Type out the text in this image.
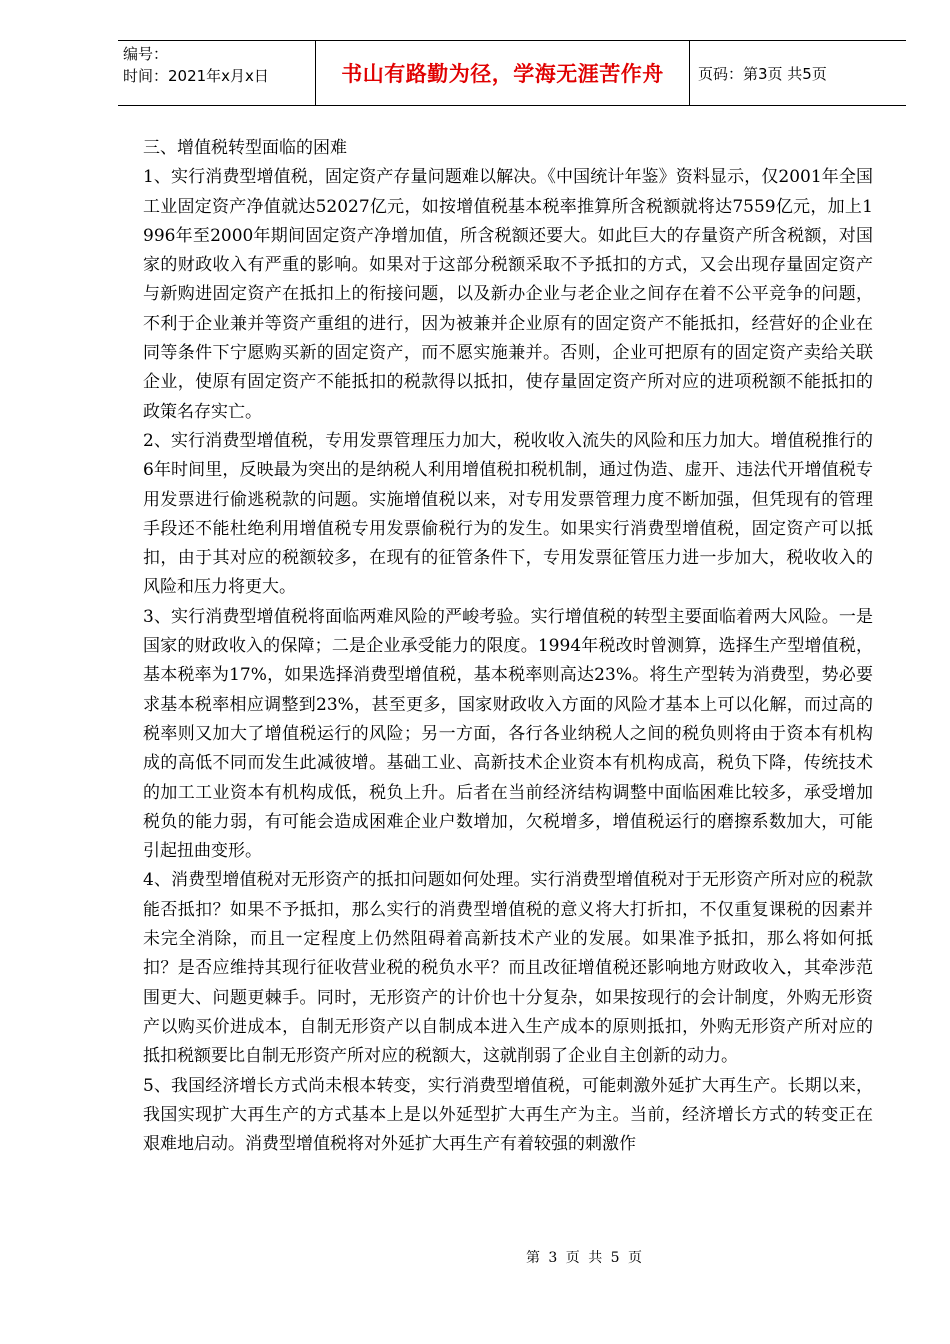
编号：
时间：2021年x月x日	书山有路勤为径，学海无涯苦作舟	页码：第3页 共5页

三、增值税转型面临的困难

1、实行消费型增值税，固定资产存量问题难以解决。《中国统计年鉴》资料显示，仅2001年全国工业固定资产净值就达52027亿元，如按增值税基本税率推算所含税额就将达7559亿元，加上1996年至2000年期间固定资产净增加值，所含税额还要大。如此巨大的存量资产所含税额，对国家的财政收入有严重的影响。如果对于这部分税额采取不予抵扣的方式，又会出现存量固定资产与新购进固定资产在抵扣上的衔接问题，以及新办企业与老企业之间存在着不公平竞争的问题，不利于企业兼并等资产重组的进行，因为被兼并企业原有的固定资产不能抵扣，经营好的企业在同等条件下宁愿购买新的固定资产，而不愿实施兼并。否则，企业可把原有的固定资产卖给关联企业，使原有固定资产不能抵扣的税款得以抵扣，使存量固定资产所对应的进项税额不能抵扣的政策名存实亡。

2、实行消费型增值税，专用发票管理压力加大，税收收入流失的风险和压力加大。增值税推行的6年时间里，反映最为突出的是纳税人利用增值税扣税机制，通过伪造、虚开、违法代开增值税专用发票进行偷逃税款的问题。实施增值税以来，对专用发票管理力度不断加强，但凭现有的管理手段还不能杜绝利用增值税专用发票偷税行为的发生。如果实行消费型增值税，固定资产可以抵扣，由于其对应的税额较多，在现有的征管条件下，专用发票征管压力进一步加大，税收收入的风险和压力将更大。

3、实行消费型增值税将面临两难风险的严峻考验。实行增值税的转型主要面临着两大风险。一是国家的财政收入的保障；二是企业承受能力的限度。1994年税改时曾测算，选择生产型增值税，基本税率为17%，如果选择消费型增值税，基本税率则高达23%。将生产型转为消费型，势必要求基本税率相应调整到23%，甚至更多，国家财政收入方面的风险才基本上可以化解，而过高的税率则又加大了增值税运行的风险；另一方面，各行各业纳税人之间的税负则将由于资本有机构成的高低不同而发生此减彼增。基础工业、高新技术企业资本有机构成高，税负下降，传统技术的加工工业资本有机构成低，税负上升。后者在当前经济结构调整中面临困难比较多，承受增加税负的能力弱，有可能会造成困难企业户数增加，欠税增多，增值税运行的磨擦系数加大，可能引起扭曲变形。

4、消费型增值税对无形资产的抵扣问题如何处理。实行消费型增值税对于无形资产所对应的税款能否抵扣？如果不予抵扣，那么实行的消费型增值税的意义将大打折扣，不仅重复课税的因素并未完全消除，而且一定程度上仍然阻碍着高新技术产业的发展。如果准予抵扣，那么将如何抵扣？是否应维持其现行征收营业税的税负水平？而且改征增值税还影响地方财政收入，其牵涉范围更大、问题更棘手。同时，无形资产的计价也十分复杂，如果按现行的会计制度，外购无形资产以购买价进成本，自制无形资产以自制成本进入生产成本的原则抵扣，外购无形资产所对应的抵扣税额要比自制无形资产所对应的税额大，这就削弱了企业自主创新的动力。

5、我国经济增长方式尚未根本转变，实行消费型增值税，可能刺激外延扩大再生产。长期以来，我国实现扩大再生产的方式基本上是以外延型扩大再生产为主。当前，经济增长方式的转变正在艰难地启动。消费型增值税将对外延扩大再生产有着较强的刺激作

第 3 页 共 5 页
